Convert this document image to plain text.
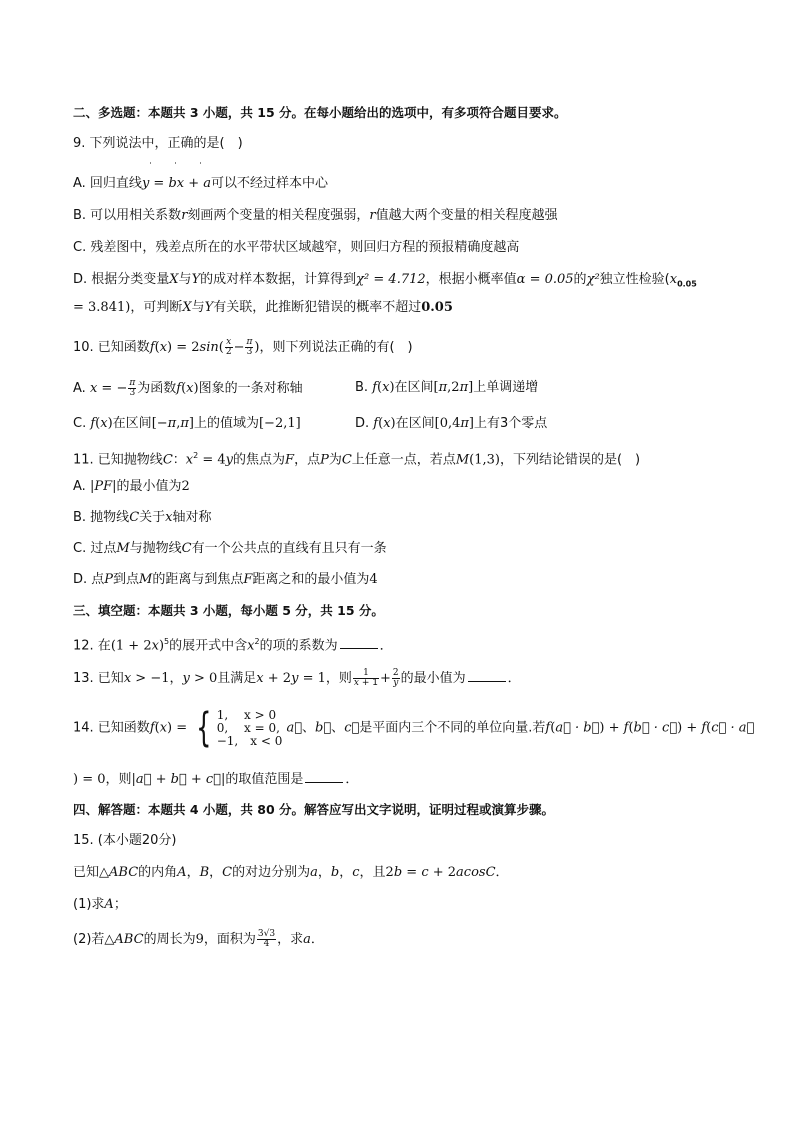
二、多选题：本题共 3 小题，共 15 分。在每小题给出的选项中，有多项符合题目要求。
9. 下列说法中，正确的是(　)
˙˙˙
A. 回归直线y = bx + a可以不经过样本中心
B. 可以用相关系数r刻画两个变量的相关程度强弱，r值越大两个变量的相关程度越强
C. 残差图中，残差点所在的水平带状区域越窄，则回归方程的预报精确度越高
D. 根据分类变量X与Y的成对样本数据，计算得到χ² = 4.712，根据小概率值α = 0.05的χ²独立性检验($x_{0.05}$
= 3.841)，可判断X与Y有关联，此推断犯错误的概率不超过0.05
10. 已知函数$f(x) = 2\sin( \frac{x}{2} - \frac{\pi}{3}$ )，则下列说法正确的有(　)
A. x = − $\frac{\pi}{3}$ 为函数f(x)图象的一条对称轴	B. f(x)在区间[π,2π]上单调递增
C. f(x)在区间[−π,π]上的值域为[−2,1]	D. f(x)在区间[0,4π]上有3个零点
11. 已知抛物线C：$x^2 = 4y$的焦点为F，点P为C上任意一点，若点M(1,3)，下列结论错误的是(　)
A. |PF|的最小值为2
B. 抛物线C关于x轴对称
C. 过点M与抛物线C有一个公共点的直线有且只有一条
D. 点P到点M的距离与到焦点F距离之和的最小值为4
三、填空题：本题共 3 小题，每小题 5 分，共 15 分。
12. 在$(1 + 2x)^5$的展开式中含$x^2$的项的系数为	．
13. 已知x > −1，y > 0且满足x + 2y = 1，则 $\frac{1}{x + 1} + \frac{2}{y}$ 的最小值为	．
14. 已知函数f(x) = { 1,　 x > 0
0,　 x = 0,
−1,　x < 0
a⃗、b⃗、c⃗是平面内三个不同的单位向量.若f(a⃗ · b⃗) + f(b⃗ · c⃗) + f(c⃗ · a⃗
) = 0，则|a⃗ + b⃗ + c⃗|的取值范围是	．
四、解答题：本题共 4 小题，共 80 分。解答应写出文字说明，证明过程或演算步骤。
15. (本小题20分)
已知△ABC的内角A，B，C的对边分别为a，b，c，且2b = c + 2acosC．
(1)求A；
(2)若△ABC的周长为9，面积为 $\frac{3√3}{4}$ ，求a．
